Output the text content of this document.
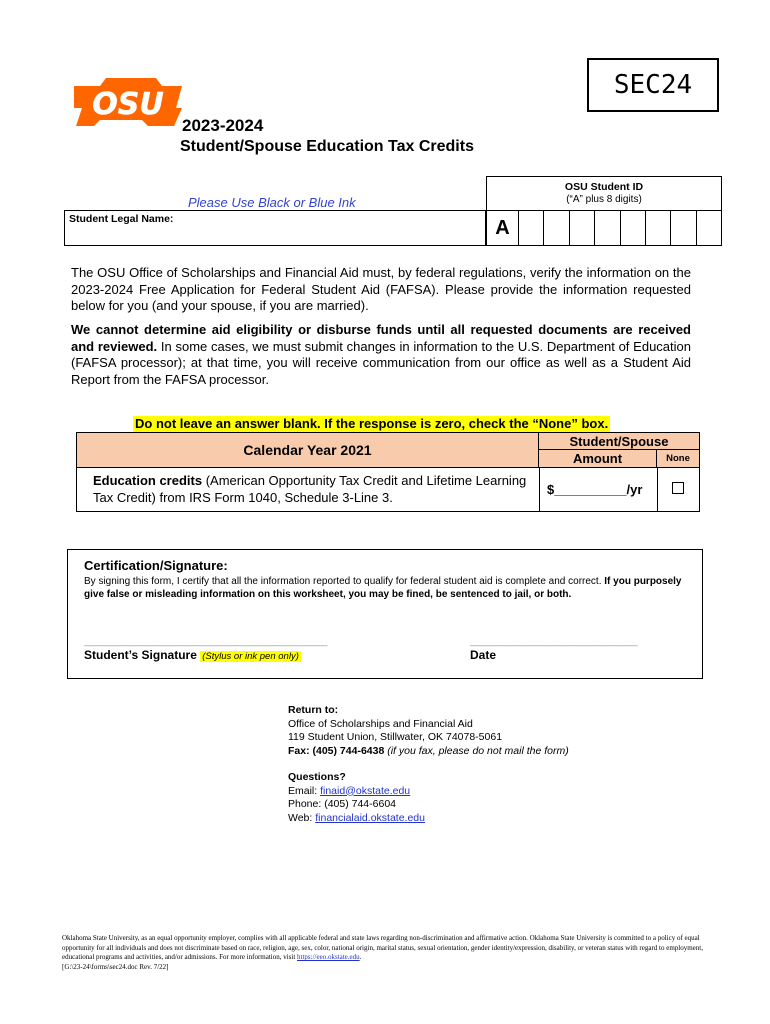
OSU
SEC24
2023-2024
Student/Spouse Education Tax Credits
Please Use Black or Blue Ink
Student Legal Name:
OSU Student ID
(“A” plus 8 digits)
A
The OSU Office of Scholarships and Financial Aid must, by federal regulations, verify the information on the 2023-2024 Free Application for Federal Student Aid (FAFSA). Please provide the information requested below for you (and your spouse, if you are married).
We cannot determine aid eligibility or disburse funds until all requested documents are received and reviewed. In some cases, we must submit changes in information to the U.S. Department of Education (FAFSA processor); at that time, you will receive communication from our office as well as a Student Aid Report from the FAFSA processor.
Do not leave an answer blank. If the response is zero, check the “None” box.
Calendar Year 2021
Student/Spouse
Amount	None
Education credits (American Opportunity Tax Credit and Lifetime Learning Tax Credit) from IRS Form 1040, Schedule 3-Line 3.
$__________/yr
Certification/Signature:
By signing this form, I certify that all the information reported to qualify for federal student aid is complete and correct. If you purposely give false or misleading information on this worksheet, you may be fined, be sentenced to jail, or both.
________________________________________________	_________________________________
Student’s Signature (Stylus or ink pen only)	Date
Return to:
Office of Scholarships and Financial Aid
119 Student Union, Stillwater, OK 74078-5061
Fax: (405) 744-6438 (if you fax, please do not mail the form)
Questions?
Email: finaid@okstate.edu
Phone: (405) 744-6604
Web: financialaid.okstate.edu
Oklahoma State University, as an equal opportunity employer, complies with all applicable federal and state laws regarding non-discrimination and affirmative action. Oklahoma State University is committed to a policy of equal opportunity for all individuals and does not discriminate based on race, religion, age, sex, color, national origin, marital status, sexual orientation, gender identity/expression, disability, or veteran status with regard to employment, educational programs and activities, and/or admissions. For more information, visit https://eeo.okstate.edu.
[G:\23-24\forms\sec24.doc Rev. 7/22]
